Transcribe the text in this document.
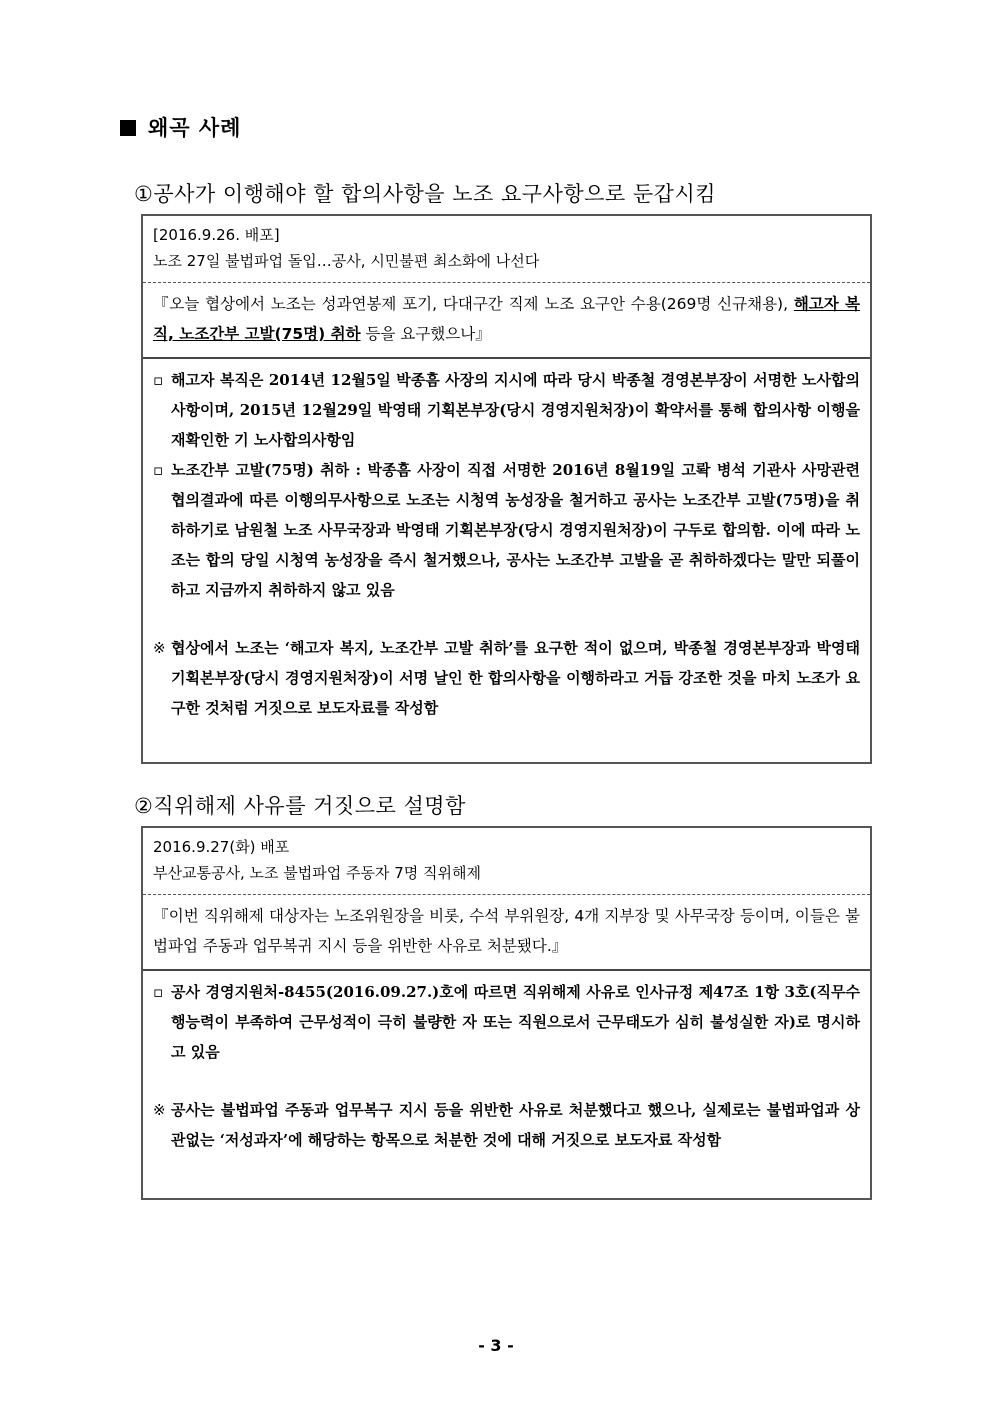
왜곡 사례
①공사가 이행해야 할 합의사항을 노조 요구사항으로 둔갑시킴
[2016.9.26. 배포]
노조 27일 불법파업 돌입…공사, 시민불편 최소화에 나선다
『오늘 협상에서 노조는 성과연봉제 포기, 다대구간 직제 노조 요구안 수용(269명 신규채용), 해고자 복직, 노조간부 고발(75명) 취하 등을 요구했으나』
▫ 해고자 복직은 2014년 12월5일 박종흠 사장의 지시에 따라 당시 박종철 경영본부장이 서명한 노사합의사항이며, 2015년 12월29일 박영태 기획본부장(당시 경영지원처장)이 확약서를 통해 합의사항 이행을 재확인한 기 노사합의사항임
▫ 노조간부 고발(75명) 취하 : 박종흠 사장이 직접 서명한 2016년 8월19일 고롹 병석 기관사 사망관련 협의결과에 따른 이행의무사항으로 노조는 시청역 농성장을 철거하고 공사는 노조간부 고발(75명)을 취하하기로 남원철 노조 사무국장과 박영태 기획본부장(당시 경영지원처장)이 구두로 합의함. 이에 따라 노조는 합의 당일 시청역 농성장을 즉시 철거했으나, 공사는 노조간부 고발을 곧 취하하겠다는 말만 되풀이하고 지금까지 취하하지 않고 있음
※ 협상에서 노조는 ‘해고자 복지, 노조간부 고발 취하’를 요구한 적이 없으며, 박종철 경영본부장과 박영태 기획본부장(당시 경영지원처장)이 서명 날인 한 합의사항을 이행하라고 거듭 강조한 것을 마치 노조가 요구한 것처럼 거짓으로 보도자료를 작성함
②직위해제 사유를 거짓으로 설명함
2016.9.27(화) 배포
부산교통공사, 노조 불법파업 주동자 7명 직위해제
『이번 직위해제 대상자는 노조위원장을 비롯, 수석 부위원장, 4개 지부장 및 사무국장 등이며, 이들은 불법파업 주동과 업무복귀 지시 등을 위반한 사유로 처분됐다.』
▫ 공사 경영지원처-8455(2016.09.27.)호에 따르면 직위해제 사유로 인사규정 제47조 1항 3호(직무수행능력이 부족하여 근무성적이 극히 불량한 자 또는 직원으로서 근무태도가 심히 불성실한 자)로 명시하고 있음
※ 공사는 불법파업 주동과 업무복구 지시 등을 위반한 사유로 처분했다고 했으나, 실제로는 불법파업과 상관없는 ‘저성과자’에 해당하는 항목으로 처분한 것에 대해 거짓으로 보도자료 작성함
- 3 -
